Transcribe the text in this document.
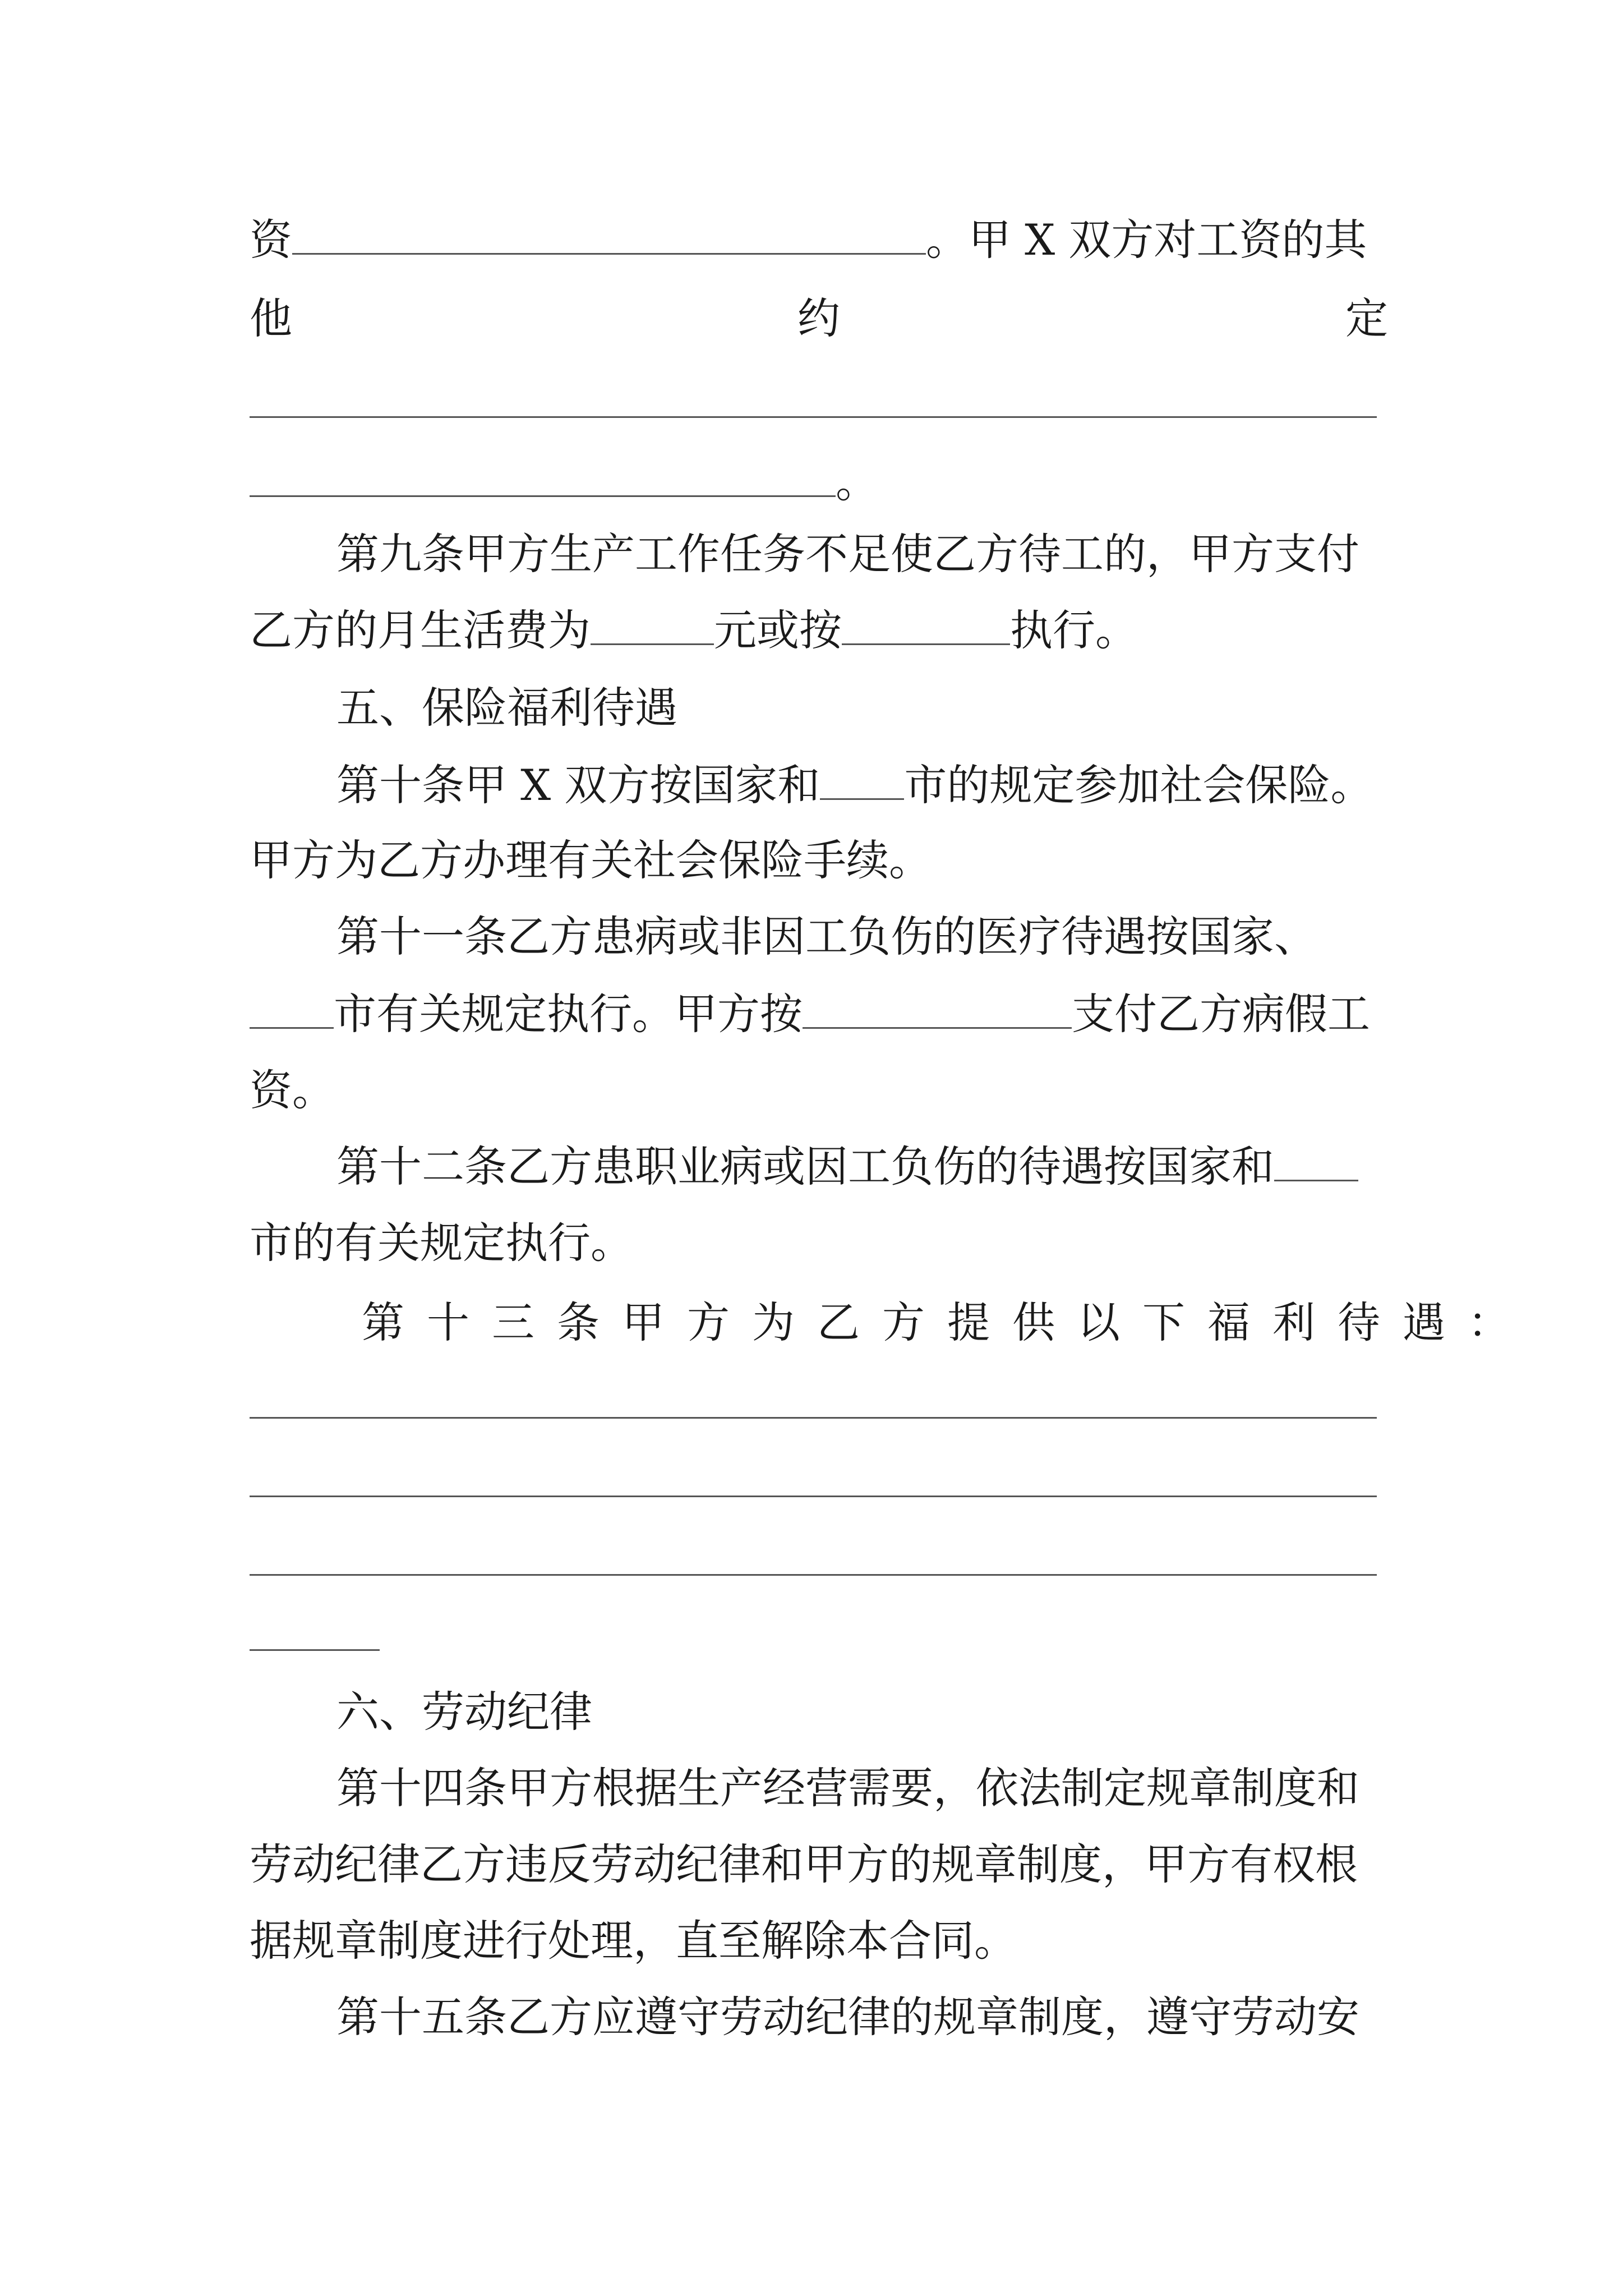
资	。甲 X 双方对工资的其
他	约	定
。
第九条甲方生产工作任务不足使乙方待工的，甲方支付
乙方的月生活费为	元或按	执行。
五、保险福利待遇
第十条甲 X 双方按国家和 市的规定参加社会保险。
甲方为乙方办理有关社会保险手续。
第十一条乙方患病或非因工负伤的医疗待遇按国家、
市有关规定执行。甲方按	支付乙方病假工
资。
第十二条乙方患职业病或因工负伤的待遇按国家和
市的有关规定执行。
第十三条甲方为乙方提供以下福利待遇：
六、劳动纪律
第十四条甲方根据生产经营需要，依法制定规章制度和
劳动纪律乙方违反劳动纪律和甲方的规章制度，甲方有权根
据规章制度进行处理，直至解除本合同。
第十五条乙方应遵守劳动纪律的规章制度，遵守劳动安
